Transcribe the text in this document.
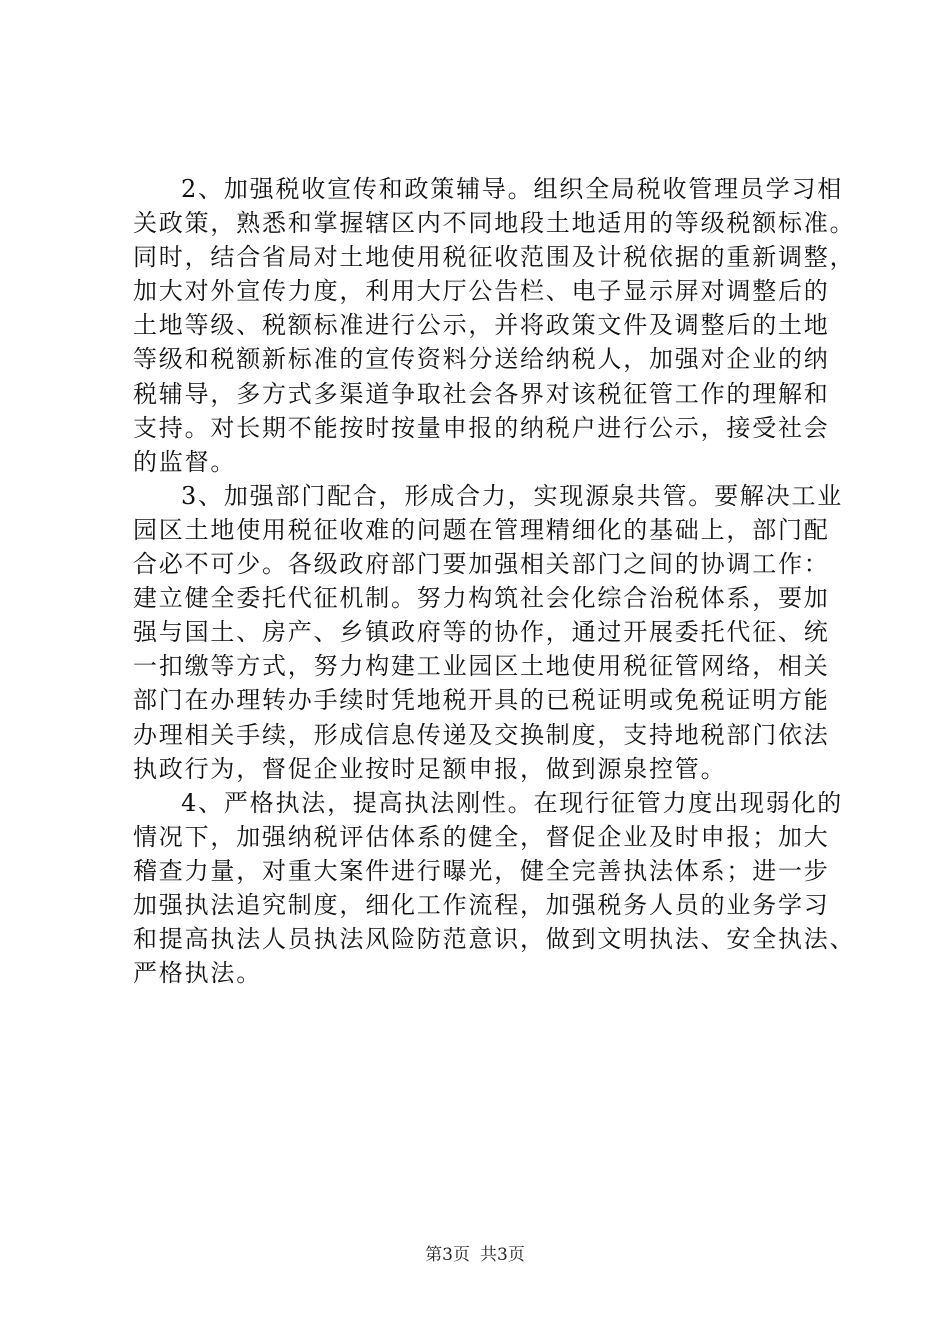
2、加强税收宣传和政策辅导。组织全局税收管理员学习相
关政策，熟悉和掌握辖区内不同地段土地适用的等级税额标准。
同时，结合省局对土地使用税征收范围及计税依据的重新调整，
加大对外宣传力度，利用大厅公告栏、电子显示屏对调整后的
土地等级、税额标准进行公示，并将政策文件及调整后的土地
等级和税额新标准的宣传资料分送给纳税人，加强对企业的纳
税辅导，多方式多渠道争取社会各界对该税征管工作的理解和
支持。对长期不能按时按量申报的纳税户进行公示，接受社会
的监督。
3、加强部门配合，形成合力，实现源泉共管。要解决工业
园区土地使用税征收难的问题在管理精细化的基础上，部门配
合必不可少。各级政府部门要加强相关部门之间的协调工作：
建立健全委托代征机制。努力构筑社会化综合治税体系，要加
强与国土、房产、乡镇政府等的协作，通过开展委托代征、统
一扣缴等方式，努力构建工业园区土地使用税征管网络，相关
部门在办理转办手续时凭地税开具的已税证明或免税证明方能
办理相关手续，形成信息传递及交换制度，支持地税部门依法
执政行为，督促企业按时足额申报，做到源泉控管。
4、严格执法，提高执法刚性。在现行征管力度出现弱化的
情况下，加强纳税评估体系的健全，督促企业及时申报；加大
稽查力量，对重大案件进行曝光，健全完善执法体系；进一步
加强执法追究制度，细化工作流程，加强税务人员的业务学习
和提高执法人员执法风险防范意识，做到文明执法、安全执法、
严格执法。
第3页 共3页
